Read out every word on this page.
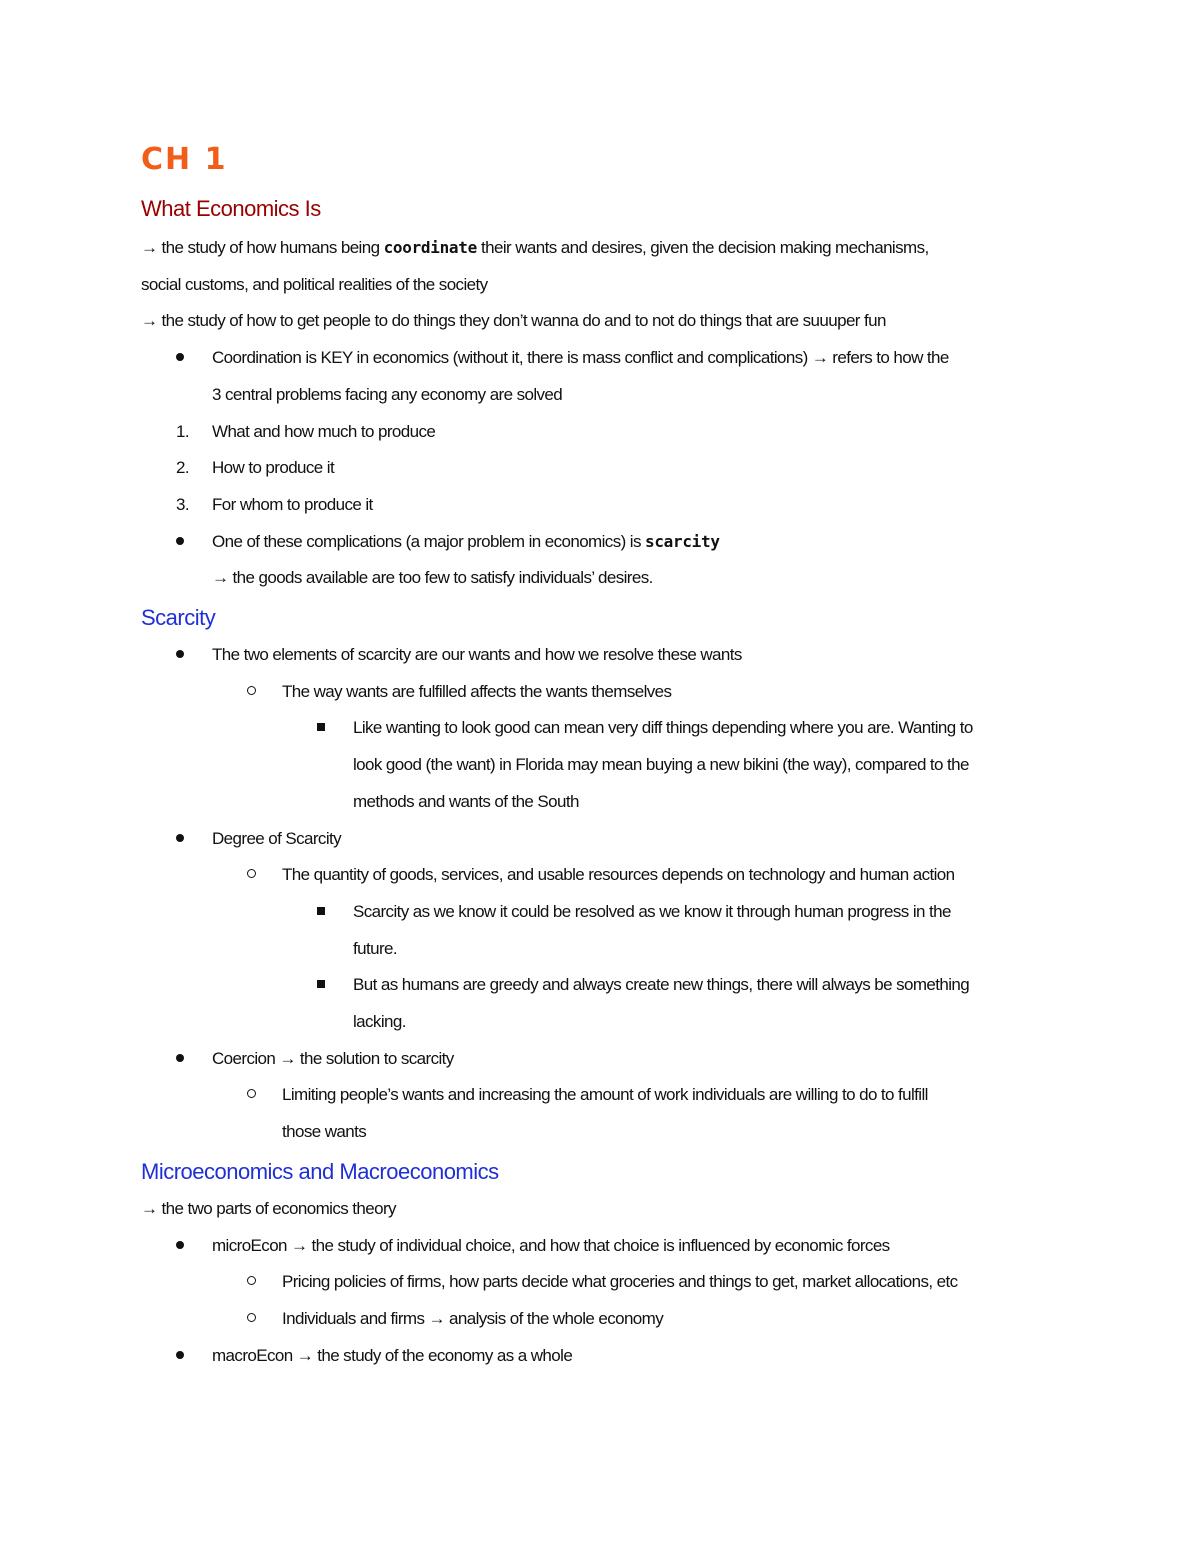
CH 1
What Economics Is
→ the study of how humans being coordinate their wants and desires, given the decision making mechanisms,
social customs, and political realities of the society
→ the study of how to get people to do things they don’t wanna do and to not do things that are suuuper fun
Coordination is KEY in economics (without it, there is mass conflict and complications) → refers to how the
3 central problems facing any economy are solved
1.	What and how much to produce
2.	How to produce it
3.	For whom to produce it
One of these complications (a major problem in economics) is scarcity
→ the goods available are too few to satisfy individuals’ desires.
Scarcity
The two elements of scarcity are our wants and how we resolve these wants
The way wants are fulfilled affects the wants themselves
Like wanting to look good can mean very diff things depending where you are. Wanting to
look good (the want) in Florida may mean buying a new bikini (the way), compared to the
methods and wants of the South
Degree of Scarcity
The quantity of goods, services, and usable resources depends on technology and human action
Scarcity as we know it could be resolved as we know it through human progress in the
future.
But as humans are greedy and always create new things, there will always be something
lacking.
Coercion → the solution to scarcity
Limiting people’s wants and increasing the amount of work individuals are willing to do to fulfill
those wants
Microeconomics and Macroeconomics
→ the two parts of economics theory
microEcon → the study of individual choice, and how that choice is influenced by economic forces
Pricing policies of firms, how parts decide what groceries and things to get, market allocations, etc
Individuals and firms → analysis of the whole economy
macroEcon → the study of the economy as a whole
